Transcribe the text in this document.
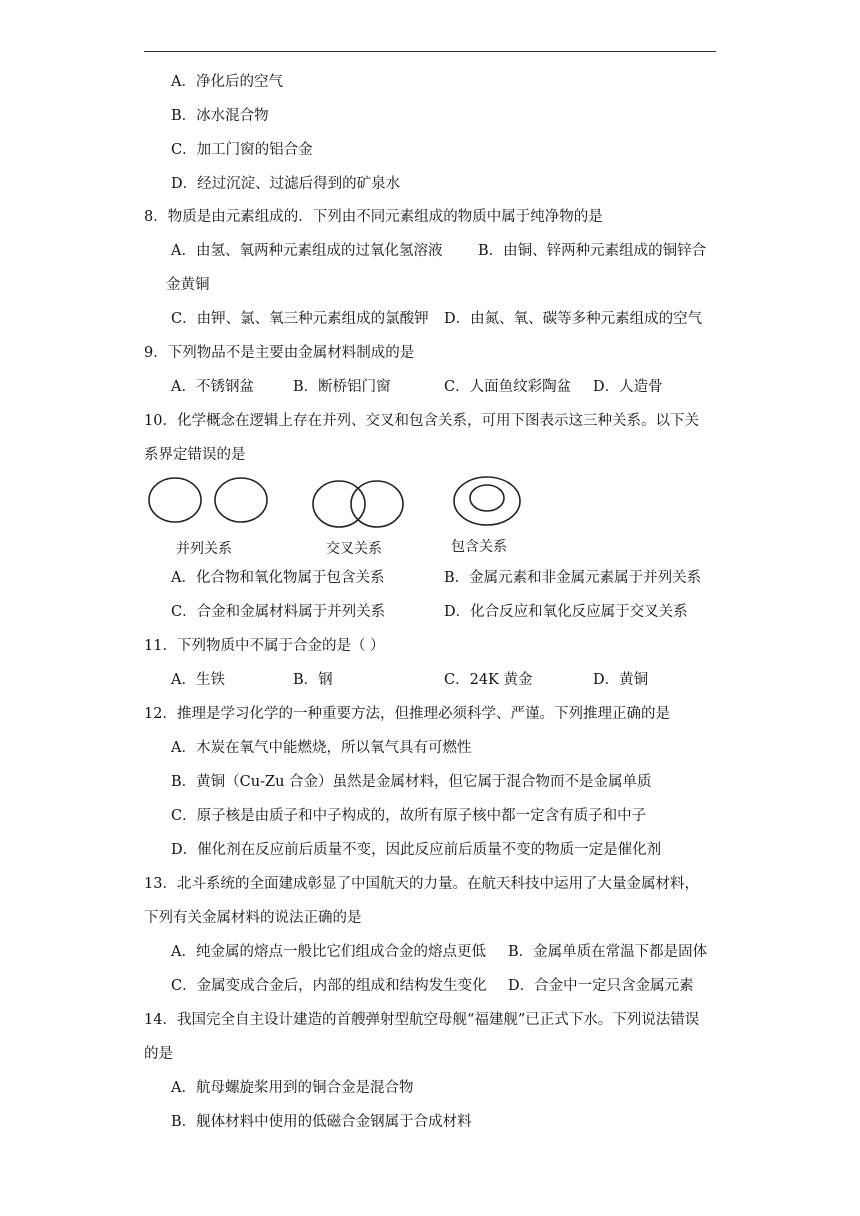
A．净化后的空气
B．冰水混合物
C．加工门窗的铝合金
D．经过沉淀、过滤后得到的矿泉水
8．物质是由元素组成的．下列由不同元素组成的物质中属于纯净物的是
A．由氢、氧两种元素组成的过氧化氢溶液 B．由铜、锌两种元素组成的铜锌合
金黄铜
C．由钾、氯、氧三种元素组成的氯酸钾 D．由氮、氧、碳等多种元素组成的空气
9．下列物品不是主要由金属材料制成的是
A．不锈钢盆	B．断桥铝门窗	C．人面鱼纹彩陶盆 D．人造骨
10．化学概念在逻辑上存在并列、交叉和包含关系，可用下图表示这三种关系。以下关
系界定错误的是
并列关系	交叉关系	包含关系
A．化合物和氧化物属于包含关系	B．金属元素和非金属元素属于并列关系
C．合金和金属材料属于并列关系	D．化合反应和氧化反应属于交叉关系
11．下列物质中不属于合金的是（ ）
A．生铁	B．钢	C．24K 黄金	D．黄铜
12．推理是学习化学的一种重要方法，但推理必须科学、严谨。下列推理正确的是
A．木炭在氧气中能燃烧，所以氧气具有可燃性
B．黄铜（Cu-Zu 合金）虽然是金属材料，但它属于混合物而不是金属单质
C．原子核是由质子和中子构成的，故所有原子核中都一定含有质子和中子
D．催化剂在反应前后质量不变，因此反应前后质量不变的物质一定是催化剂
13．北斗系统的全面建成彰显了中国航天的力量。在航天科技中运用了大量金属材料，
下列有关金属材料的说法正确的是
A．纯金属的熔点一般比它们组成合金的熔点更低 B．金属单质在常温下都是固体
C．金属变成合金后，内部的组成和结构发生变化 D．合金中一定只含金属元素
14．我国完全自主设计建造的首艘弹射型航空母舰“福建舰”已正式下水。下列说法错误
的是
A．航母螺旋桨用到的铜合金是混合物
B．舰体材料中使用的低磁合金钢属于合成材料
